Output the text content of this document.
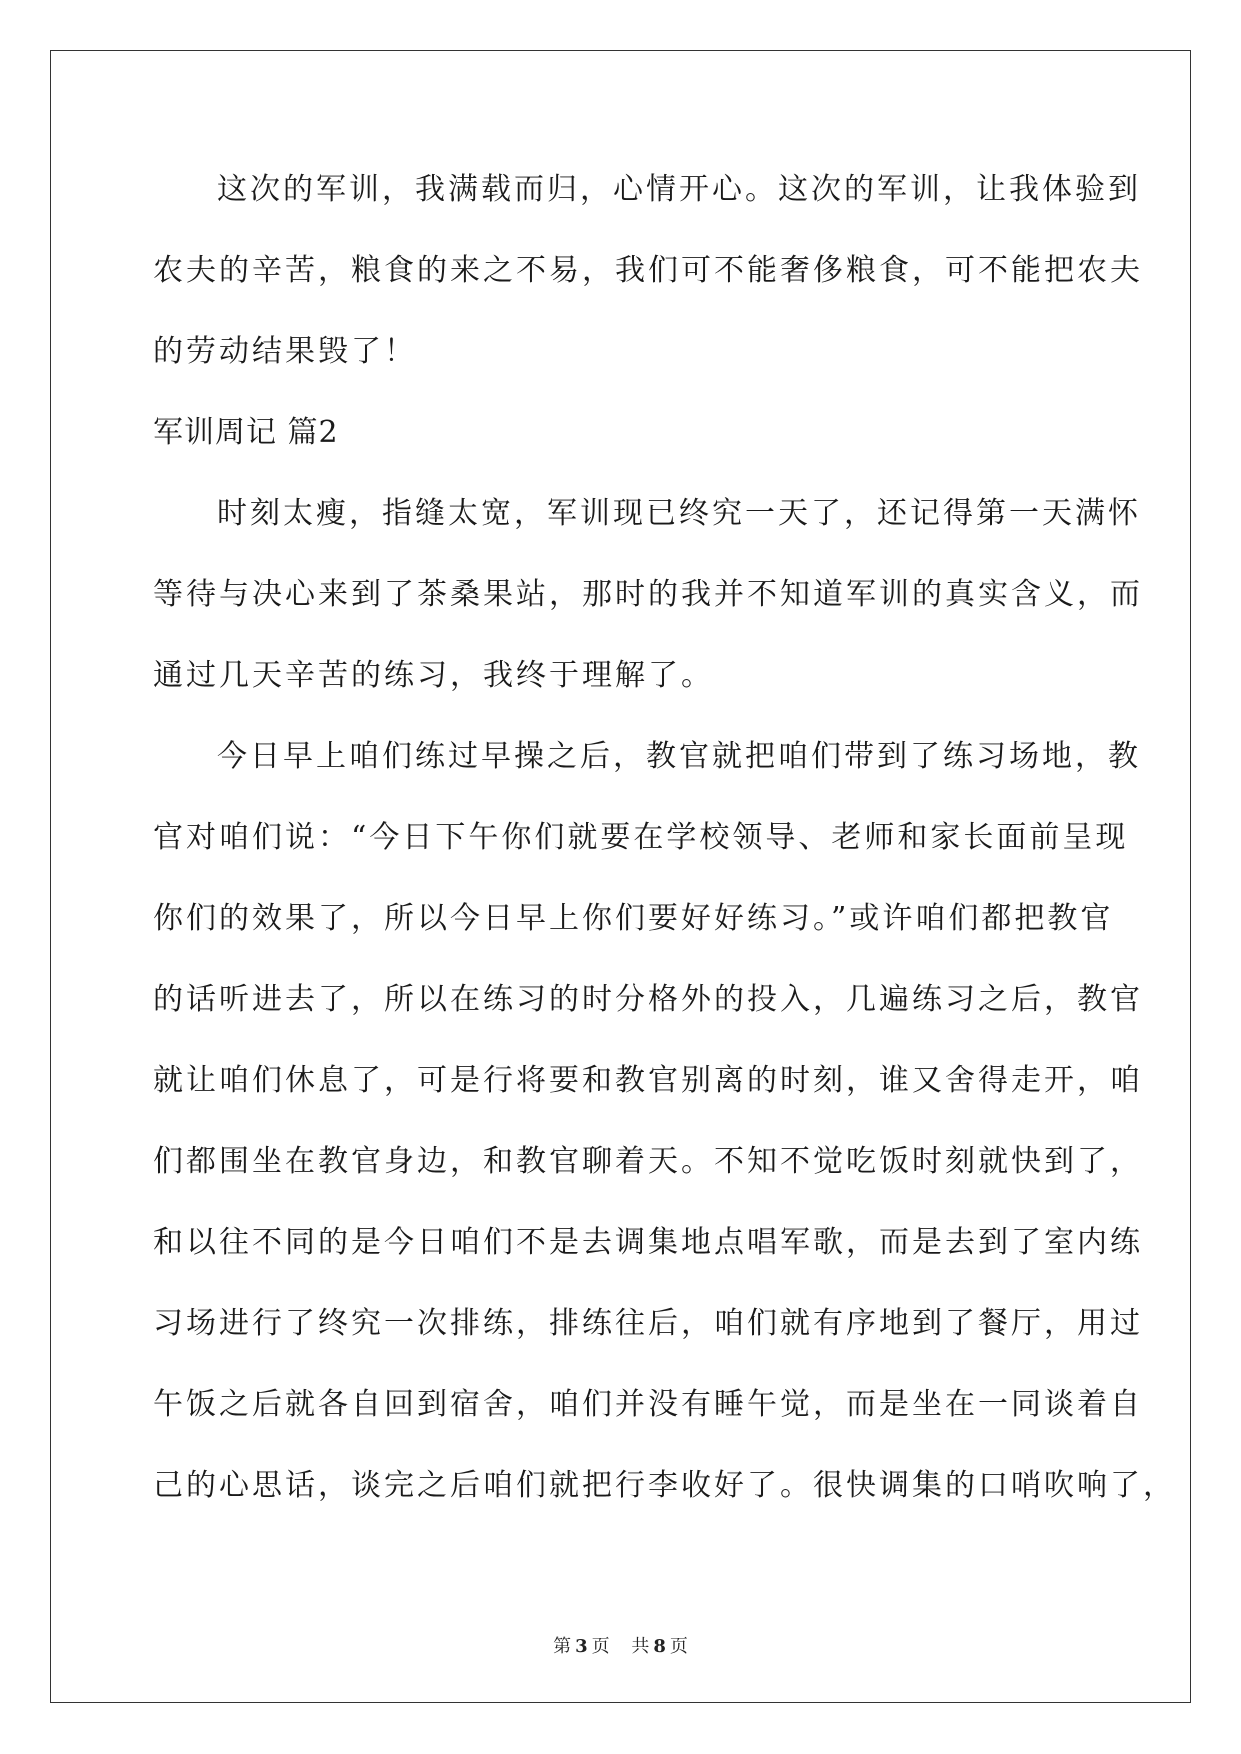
这次的军训，我满载而归，心情开心。这次的军训，让我体验到
农夫的辛苦，粮食的来之不易，我们可不能奢侈粮食，可不能把农夫
的劳动结果毁了！
军训周记 篇2
时刻太瘦，指缝太宽，军训现已终究一天了，还记得第一天满怀
等待与决心来到了茶桑果站，那时的我并不知道军训的真实含义，而
通过几天辛苦的练习，我终于理解了。
今日早上咱们练过早操之后，教官就把咱们带到了练习场地，教
官对咱们说：“今日下午你们就要在学校领导、老师和家长面前呈现
你们的效果了，所以今日早上你们要好好练习。”或许咱们都把教官
的话听进去了，所以在练习的时分格外的投入，几遍练习之后，教官
就让咱们休息了，可是行将要和教官别离的时刻，谁又舍得走开，咱
们都围坐在教官身边，和教官聊着天。不知不觉吃饭时刻就快到了，
和以往不同的是今日咱们不是去调集地点唱军歌，而是去到了室内练
习场进行了终究一次排练，排练往后，咱们就有序地到了餐厅，用过
午饭之后就各自回到宿舍，咱们并没有睡午觉，而是坐在一同谈着自
己的心思话，谈完之后咱们就把行李收好了。很快调集的口哨吹响了，
第 3 页 共 8 页
